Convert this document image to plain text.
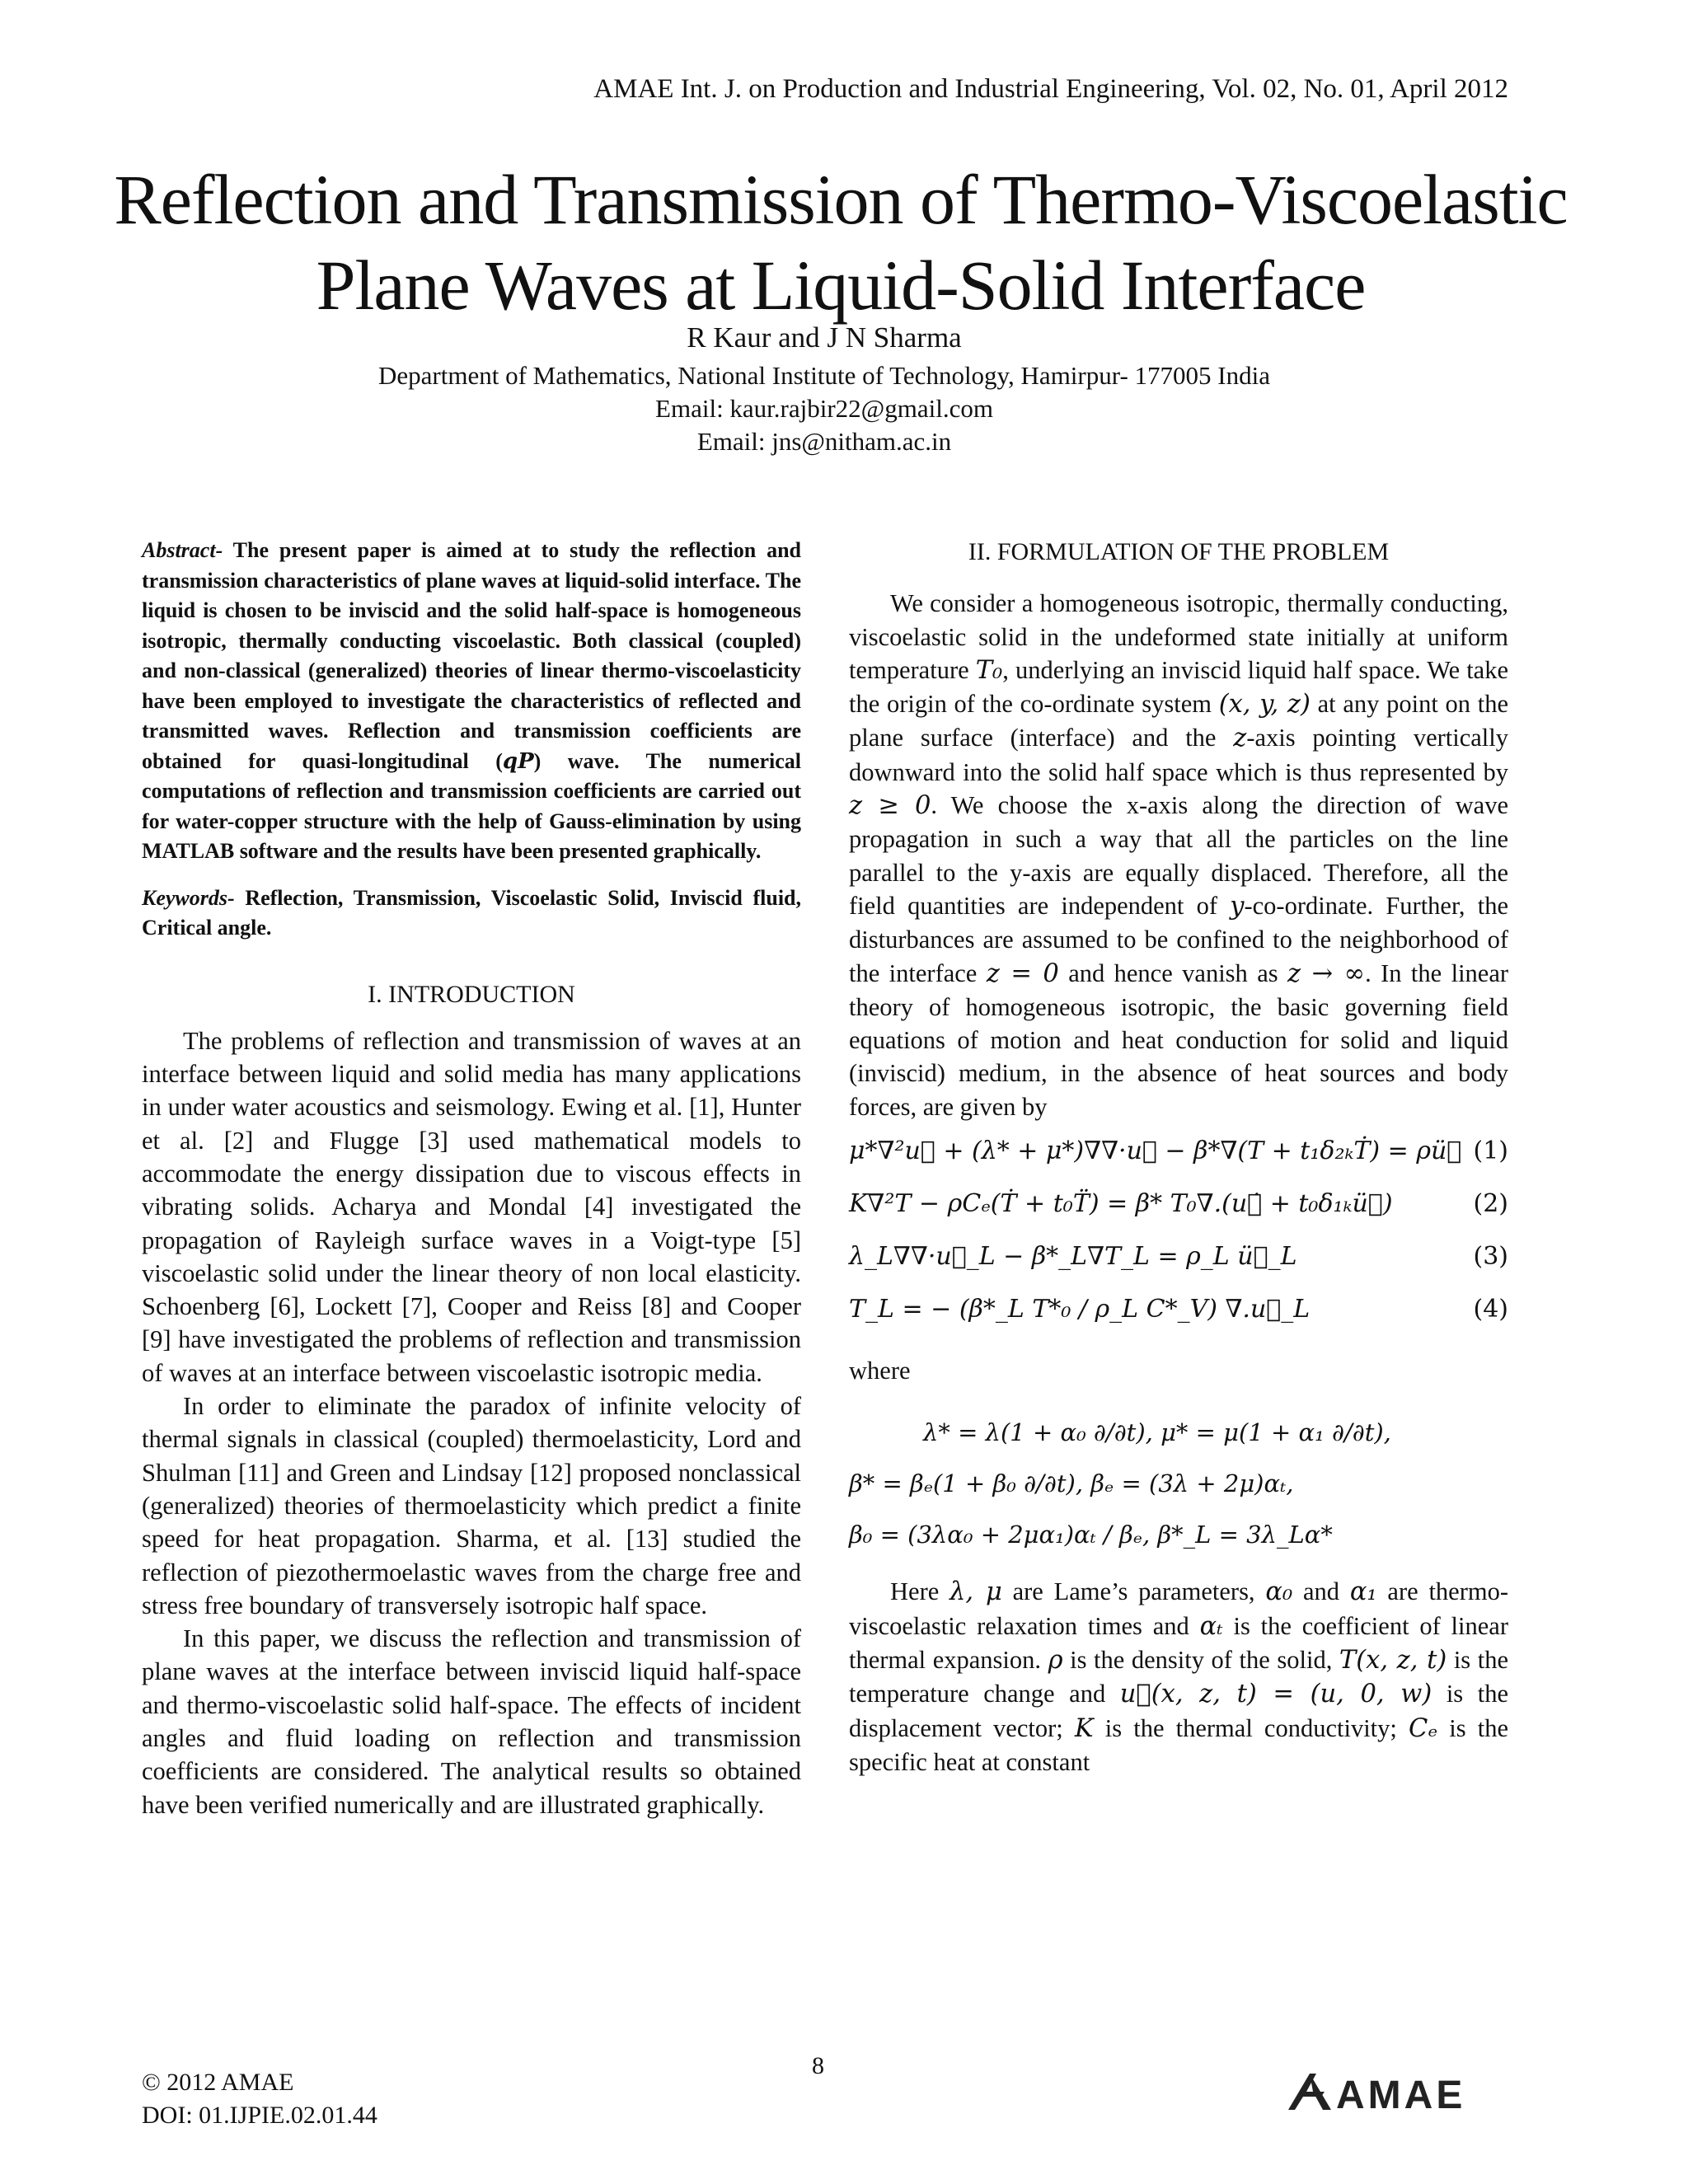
AMAE Int. J. on Production and Industrial Engineering, Vol. 02, No. 01, April 2012
Reflection and Transmission of Thermo-Viscoelastic
Plane Waves at Liquid-Solid Interface
R Kaur and J N Sharma
Department of Mathematics, National Institute of Technology, Hamirpur- 177005 India
Email: kaur.rajbir22@gmail.com
Email: jns@nitham.ac.in

Abstract- The present paper is aimed at to study the reflection and transmission characteristics of plane waves at liquid-solid interface. The liquid is chosen to be inviscid and the solid half-space is homogeneous isotropic, thermally conducting viscoelastic. Both classical (coupled) and non-classical (generalized) theories of linear thermo-viscoelasticity have been employed to investigate the characteristics of reflected and transmitted waves. Reflection and transmission coefficients are obtained for quasi-longitudinal (qP) wave. The numerical computations of reflection and transmission coefficients are carried out for water-copper structure with the help of Gauss-elimination by using MATLAB software and the results have been presented graphically.

Keywords- Reflection, Transmission, Viscoelastic Solid, Inviscid fluid, Critical angle.

I. INTRODUCTION

The problems of reflection and transmission of waves at an interface between liquid and solid media has many applications in under water acoustics and seismology. Ewing et al. [1], Hunter et al. [2] and Flugge [3] used mathematical models to accommodate the energy dissipation due to viscous effects in vibrating solids. Acharya and Mondal [4] investigated the propagation of Rayleigh surface waves in a Voigt-type [5] viscoelastic solid under the linear theory of non local elasticity. Schoenberg [6], Lockett [7], Cooper and Reiss [8] and Cooper [9] have investigated the problems of reflection and transmission of waves at an interface between viscoelastic isotropic media.

In order to eliminate the paradox of infinite velocity of thermal signals in classical (coupled) thermoelasticity, Lord and Shulman [11] and Green and Lindsay [12] proposed nonclassical (generalized) theories of thermoelasticity which predict a finite speed for heat propagation. Sharma, et al. [13] studied the reflection of piezothermoelastic waves from the charge free and stress free boundary of transversely isotropic half space.

In this paper, we discuss the reflection and transmission of plane waves at the interface between inviscid liquid half-space and thermo-viscoelastic solid half-space. The effects of incident angles and fluid loading on reflection and transmission coefficients are considered. The analytical results so obtained have been verified numerically and are illustrated graphically.

II. FORMULATION OF THE PROBLEM

We consider a homogeneous isotropic, thermally conducting, viscoelastic solid in the undeformed state initially at uniform temperature T₀, underlying an inviscid liquid half space. We take the origin of the co-ordinate system (x, y, z) at any point on the plane surface (interface) and the z-axis pointing vertically downward into the solid half space which is thus represented by z ≥ 0. We choose the x-axis along the direction of wave propagation in such a way that all the particles on the line parallel to the y-axis are equally displaced. Therefore, all the field quantities are independent of y-co-ordinate. Further, the disturbances are assumed to be confined to the neighborhood of the interface z = 0 and hence vanish as z → ∞. In the linear theory of homogeneous isotropic, the basic governing field equations of motion and heat conduction for solid and liquid (inviscid) medium, in the absence of heat sources and body forces, are given by

μ*∇²u⃗ + (λ* + μ*)∇∇·u⃗ − β*∇(T + t₁δ₂ₖṪ) = ρü⃗ (1)
K∇²T − ρCₑ(Ṫ + t₀T̈) = β* T₀∇.(u⃗̇ + t₀δ₁ₖü⃗)	(2)
λ_L∇∇·u⃗_L − β*_L∇T_L = ρ_L ü⃗_L	(3)
T_L = − (β*_L T*₀ / ρ_L C*_V) ∇.u⃗_L	(4)

where

λ* = λ(1 + α₀ ∂/∂t), μ* = μ(1 + α₁ ∂/∂t),
β* = βₑ(1 + β₀ ∂/∂t), βₑ = (3λ + 2μ)αₜ,
β₀ = (3λα₀ + 2μα₁)αₜ / βₑ, β*_L = 3λ_Lα*

Here λ, μ are Lame’s parameters, α₀ and α₁ are thermo-viscoelastic relaxation times and αₜ is the coefficient of linear thermal expansion. ρ is the density of the solid, T(x, z, t) is the temperature change and u⃗(x, z, t) = (u, 0, w) is the displacement vector; K is the thermal conductivity; Cₑ is the specific heat at constant

© 2012 AMAE
DOI: 01.IJPIE.02.01.44
8
AMAE
